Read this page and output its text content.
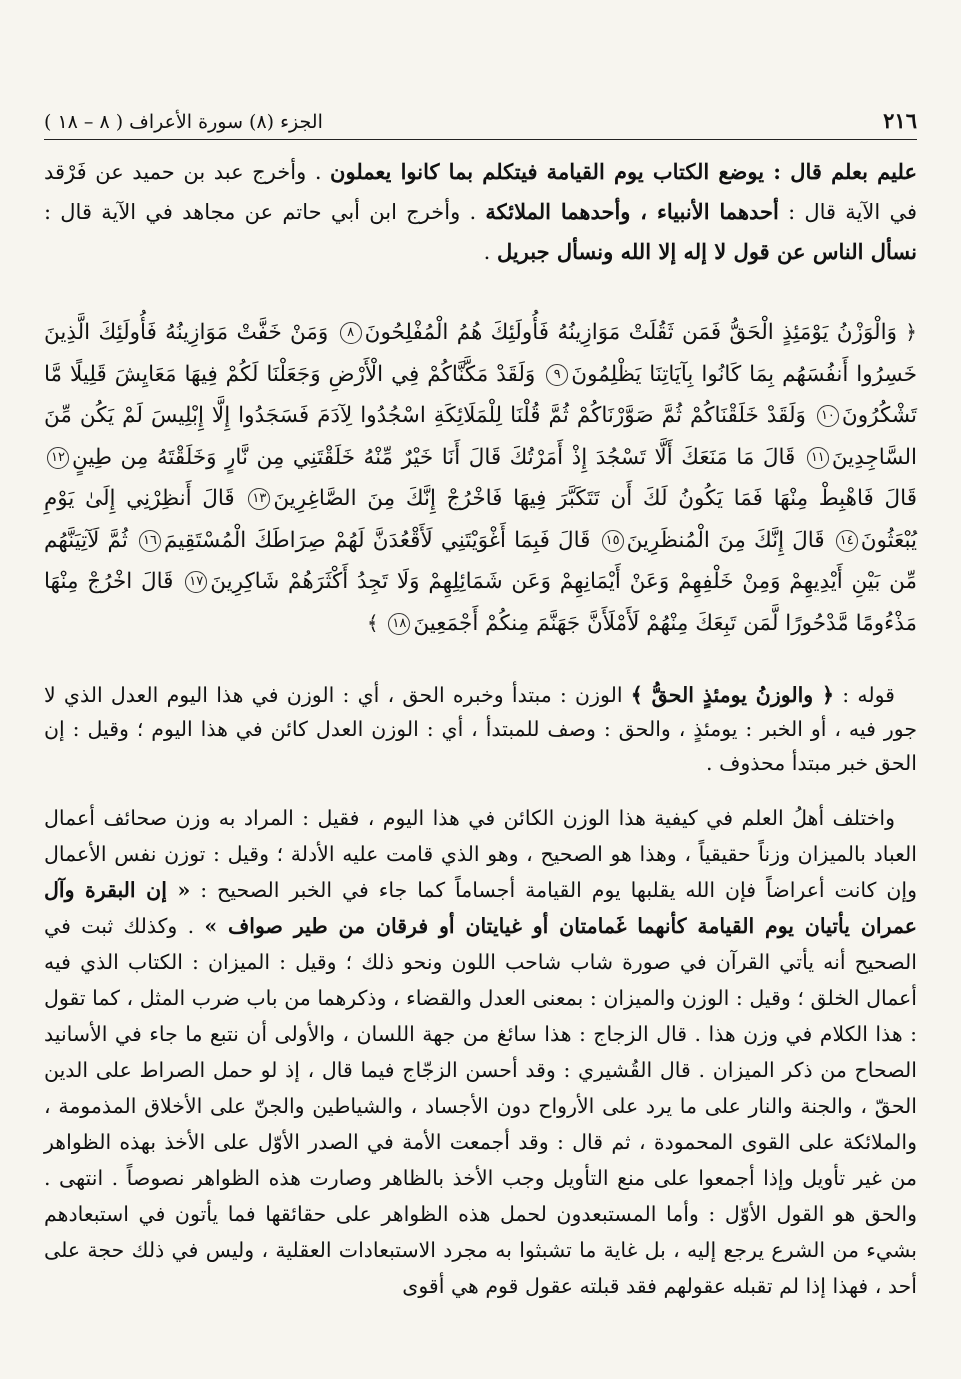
٢١٦
الجزء (٨) سورة الأعراف ( ٨ – ١٨ )
عليم بعلم قال : يوضع الكتاب يوم القيامة فيتكلم بما كانوا يعملون . وأخرج عبد بن حميد عن فَرْقد في الآية قال : أحدهما الأنبياء ، وأحدهما الملائكة . وأخرج ابن أبي حاتم عن مجاهد في الآية قال : نسأل الناس عن قول لا إله إلا الله ونسأل جبريل .
﴿ وَالْوَزْنُ يَوْمَئِذٍ الْحَقُّ فَمَن ثَقُلَتْ مَوَازِينُهُ فَأُولَئِكَ هُمُ الْمُفْلِحُونَ٨ وَمَنْ خَفَّتْ مَوَازِينُهُ فَأُولَئِكَ الَّذِينَ خَسِرُوا أَنفُسَهُم بِمَا كَانُوا بِآيَاتِنَا يَظْلِمُونَ٩ وَلَقَدْ مَكَّنَّاكُمْ فِي الْأَرْضِ وَجَعَلْنَا لَكُمْ فِيهَا مَعَايِشَ قَلِيلًا مَّا تَشْكُرُونَ١٠ وَلَقَدْ خَلَقْنَاكُمْ ثُمَّ صَوَّرْنَاكُمْ ثُمَّ قُلْنَا لِلْمَلَائِكَةِ اسْجُدُوا لِآدَمَ فَسَجَدُوا إِلَّا إِبْلِيسَ لَمْ يَكُن مِّنَ السَّاجِدِينَ١١ قَالَ مَا مَنَعَكَ أَلَّا تَسْجُدَ إِذْ أَمَرْتُكَ قَالَ أَنَا خَيْرٌ مِّنْهُ خَلَقْتَنِي مِن نَّارٍ وَخَلَقْتَهُ مِن طِينٍ١٢ قَالَ فَاهْبِطْ مِنْهَا فَمَا يَكُونُ لَكَ أَن تَتَكَبَّرَ فِيهَا فَاخْرُجْ إِنَّكَ مِنَ الصَّاغِرِينَ١٣ قَالَ أَنظِرْنِي إِلَىٰ يَوْمِ يُبْعَثُونَ١٤ قَالَ إِنَّكَ مِنَ الْمُنظَرِينَ١٥ قَالَ فَبِمَا أَغْوَيْتَنِي لَأَقْعُدَنَّ لَهُمْ صِرَاطَكَ الْمُسْتَقِيمَ١٦ ثُمَّ لَآتِيَنَّهُم مِّن بَيْنِ أَيْدِيهِمْ وَمِنْ خَلْفِهِمْ وَعَنْ أَيْمَانِهِمْ وَعَن شَمَائِلِهِمْ وَلَا تَجِدُ أَكْثَرَهُمْ شَاكِرِينَ١٧ قَالَ اخْرُجْ مِنْهَا مَذْءُومًا مَّدْحُورًا لَّمَن تَبِعَكَ مِنْهُمْ لَأَمْلَأَنَّ جَهَنَّمَ مِنكُمْ أَجْمَعِينَ١٨ ﴾
قوله : ﴿ والوزنُ يومئذٍ الحقُّ ﴾ الوزن : مبتدأ وخبره الحق ، أي : الوزن في هذا اليوم العدل الذي لا جور فيه ، أو الخبر : يومئذٍ ، والحق : وصف للمبتدأ ، أي : الوزن العدل كائن في هذا اليوم ؛ وقيل : إن الحق خبر مبتدأ محذوف .
واختلف أهلُ العلم في كيفية هذا الوزن الكائن في هذا اليوم ، فقيل : المراد به وزن صحائف أعمال العباد بالميزان وزناً حقيقياً ، وهذا هو الصحيح ، وهو الذي قامت عليه الأدلة ؛ وقيل : توزن نفس الأعمال وإن كانت أعراضاً فإن الله يقلبها يوم القيامة أجساماً كما جاء في الخبر الصحيح : « إن البقرة وآل عمران يأتيان يوم القيامة كأنهما غَمامتان أو غيايتان أو فرقان من طير صواف » . وكذلك ثبت في الصحيح أنه يأتي القرآن في صورة شاب شاحب اللون ونحو ذلك ؛ وقيل : الميزان : الكتاب الذي فيه أعمال الخلق ؛ وقيل : الوزن والميزان : بمعنى العدل والقضاء ، وذكرهما من باب ضرب المثل ، كما تقول : هذا الكلام في وزن هذا . قال الزجاج : هذا سائغ من جهة اللسان ، والأولى أن نتبع ما جاء في الأسانيد الصحاح من ذكر الميزان . قال القُشيري : وقد أحسن الزجّاج فيما قال ، إذ لو حمل الصراط على الدين الحقّ ، والجنة والنار على ما يرد على الأرواح دون الأجساد ، والشياطين والجنّ على الأخلاق المذمومة ، والملائكة على القوى المحمودة ، ثم قال : وقد أجمعت الأمة في الصدر الأوّل على الأخذ بهذه الظواهر من غير تأويل وإذا أجمعوا على منع التأويل وجب الأخذ بالظاهر وصارت هذه الظواهر نصوصاً . انتهى . والحق هو القول الأوّل : وأما المستبعدون لحمل هذه الظواهر على حقائقها فما يأتون في استبعادهم بشيء من الشرع يرجع إليه ، بل غاية ما تشبثوا به مجرد الاستبعادات العقلية ، وليس في ذلك حجة على أحد ، فهذا إذا لم تقبله عقولهم فقد قبلته عقول قوم هي أقوى
